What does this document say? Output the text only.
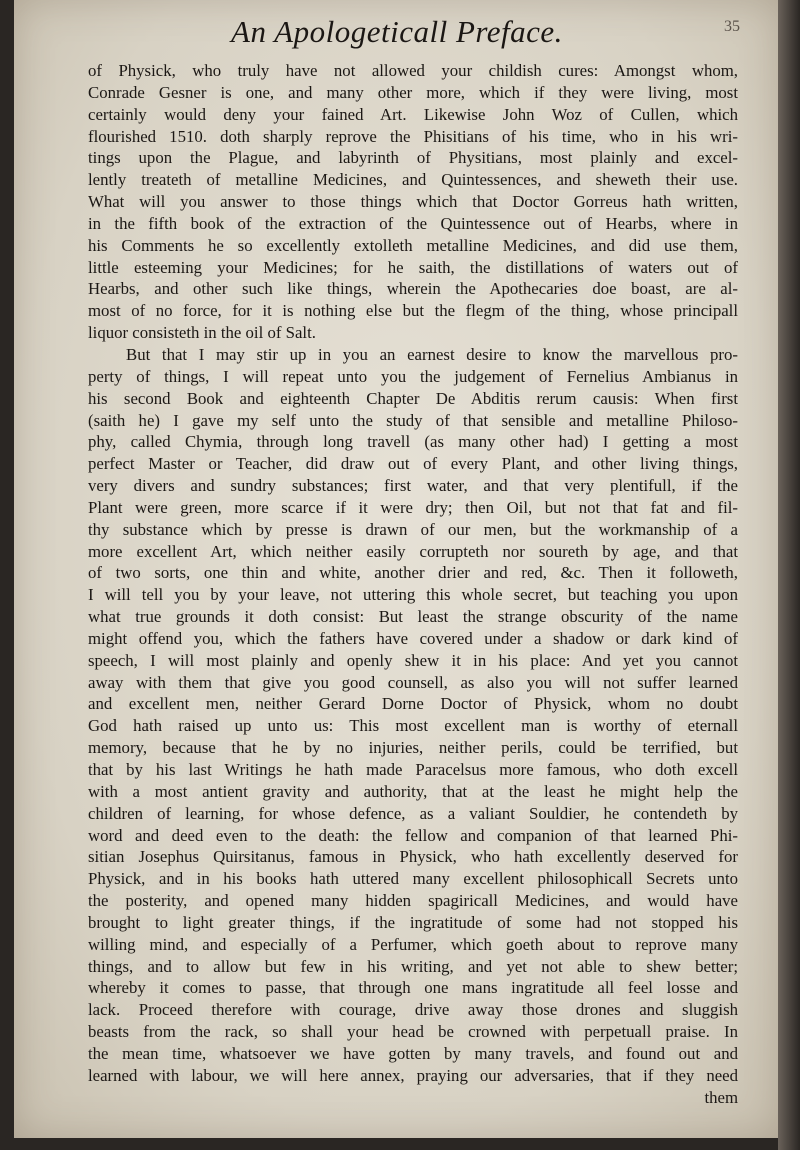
35
An Apologeticall Preface.
of Physick, who truly have not allowed your childish cures: Amongst whom,
Conrade Gesner is one, and many other more, which if they were living, most
certainly would deny your fained Art. Likewise John Woz of Cullen, which
flourished 1510. doth sharply reprove the Phisitians of his time, who in his wri-
tings upon the Plague, and labyrinth of Physitians, most plainly and excel-
lently treateth of metalline Medicines, and Quintessences, and sheweth their use.
What will you answer to those things which that Doctor Gorreus hath written,
in the fifth book of the extraction of the Quintessence out of Hearbs, where in
his Comments he so excellently extolleth metalline Medicines, and did use them,
little esteeming your Medicines; for he saith, the distillations of waters out of
Hearbs, and other such like things, wherein the Apothecaries doe boast, are al-
most of no force, for it is nothing else but the flegm of the thing, whose principall
liquor consisteth in the oil of Salt.
But that I may stir up in you an earnest desire to know the marvellous pro-
perty of things, I will repeat unto you the judgement of Fernelius Ambianus in
his second Book and eighteenth Chapter De Abditis rerum causis: When first
(saith he) I gave my self unto the study of that sensible and metalline Philoso-
phy, called Chymia, through long travell (as many other had) I getting a most
perfect Master or Teacher, did draw out of every Plant, and other living things,
very divers and sundry substances; first water, and that very plentifull, if the
Plant were green, more scarce if it were dry; then Oil, but not that fat and fil-
thy substance which by presse is drawn of our men, but the workmanship of a
more excellent Art, which neither easily corrupteth nor soureth by age, and that
of two sorts, one thin and white, another drier and red, &c. Then it followeth,
I will tell you by your leave, not uttering this whole secret, but teaching you upon
what true grounds it doth consist: But least the strange obscurity of the name
might offend you, which the fathers have covered under a shadow or dark kind of
speech, I will most plainly and openly shew it in his place: And yet you cannot
away with them that give you good counsell, as also you will not suffer learned
and excellent men, neither Gerard Dorne Doctor of Physick, whom no doubt
God hath raised up unto us: This most excellent man is worthy of eternall
memory, because that he by no injuries, neither perils, could be terrified, but
that by his last Writings he hath made Paracelsus more famous, who doth excell
with a most antient gravity and authority, that at the least he might help the
children of learning, for whose defence, as a valiant Souldier, he contendeth by
word and deed even to the death: the fellow and companion of that learned Phi-
sitian Josephus Quirsitanus, famous in Physick, who hath excellently deserved for
Physick, and in his books hath uttered many excellent philosophicall Secrets unto
the posterity, and opened many hidden spagiricall Medicines, and would have
brought to light greater things, if the ingratitude of some had not stopped his
willing mind, and especially of a Perfumer, which goeth about to reprove many
things, and to allow but few in his writing, and yet not able to shew better;
whereby it comes to passe, that through one mans ingratitude all feel losse and
lack. Proceed therefore with courage, drive away those drones and sluggish
beasts from the rack, so shall your head be crowned with perpetuall praise. In
the mean time, whatsoever we have gotten by many travels, and found out and
learned with labour, we will here annex, praying our adversaries, that if they need
them
